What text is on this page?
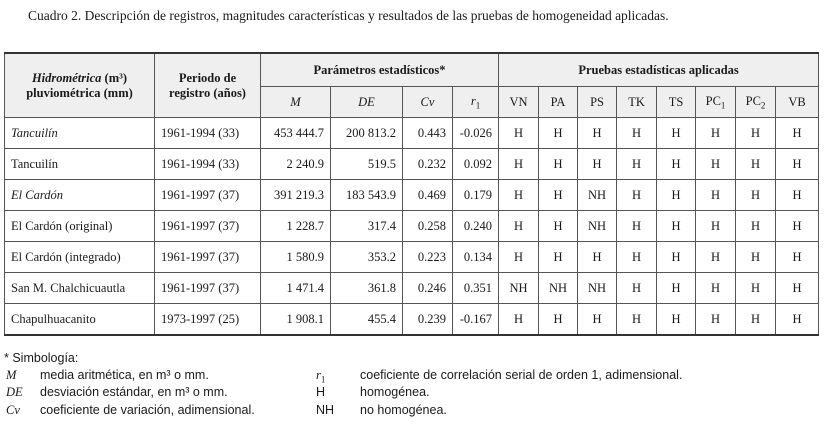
Cuadro 2. Descripción de registros, magnitudes características y resultados de las pruebas de homogeneidad aplicadas.
Hidrométrica (m³)
pluviométrica (mm)	Periodo de
registro (años)	Parámetros estadísticos*				Pruebas estadísticas aplicadas							
		M	DE	Cv	$r_1$	VN	PA	PS	TK	TS	$PC_1$	$PC_2$	VB
Tancuilín	1961-1994 (33)	453 444.7	200 813.2	0.443	-0.026	H	H	H	H	H	H	H	H
Tancuilín	1961-1994 (33)	2 240.9	519.5	0.232	0.092	H	H	H	H	H	H	H	H
El Cardón	1961-1997 (37)	391 219.3	183 543.9	0.469	0.179	H	H	NH	H	H	H	H	H
El Cardón (original)	1961-1997 (37)	1 228.7	317.4	0.258	0.240	H	H	NH	H	H	H	H	H
El Cardón (integrado)	1961-1997 (37)	1 580.9	353.2	0.223	0.134	H	H	H	H	H	H	H	H
San M. Chalchicuautla	1961-1997 (37)	1 471.4	361.8	0.246	0.351	NH	NH	NH	H	H	H	H	H
Chapulhuacanito	1973-1997 (25)	1 908.1	455.4	0.239	-0.167	H	H	H	H	H	H	H	H
* Simbología:
M media aritmética, en m³ o mm.
DE desviación estándar, en m³ o mm.
Cv coeficiente de variación, adimensional.
$r_1$	coeficiente de correlación serial de orden 1, adimensional.
H	homogénea.
NH no homogénea.
